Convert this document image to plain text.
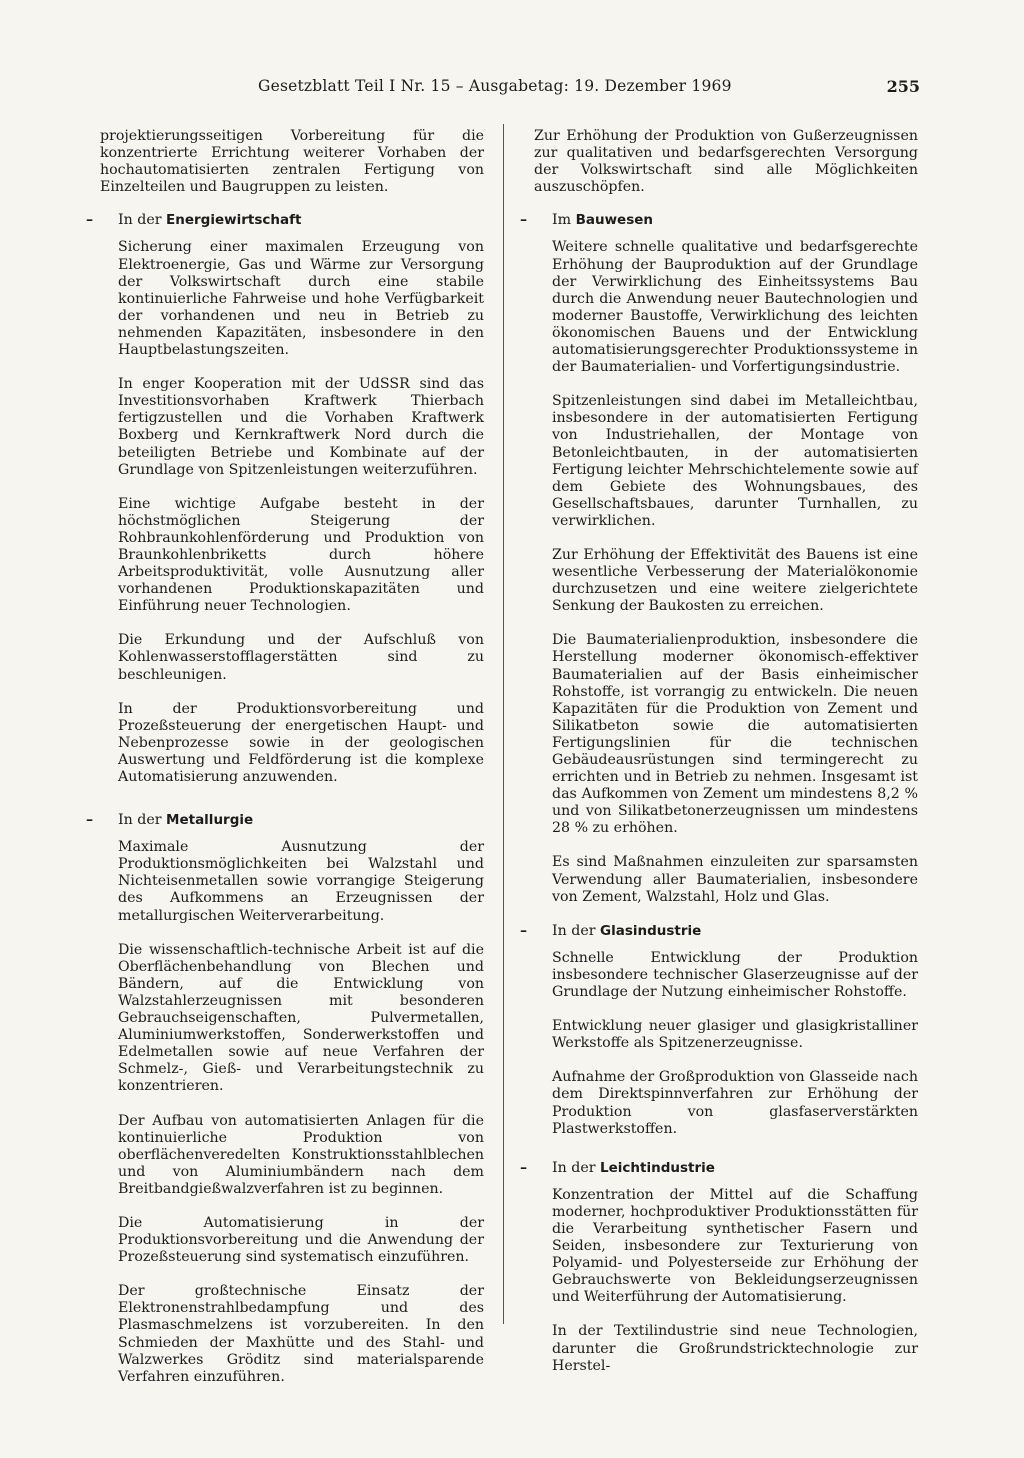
Gesetzblatt Teil I Nr. 15 – Ausgabetag: 19. Dezember 1969	255

projektierungsseitigen Vorbereitung für die konzentrierte Errichtung weiterer Vorhaben der hochautomatisierten zentralen Fertigung von Einzelteilen und Baugruppen zu leisten.

– In der Energiewirtschaft

Sicherung einer maximalen Erzeugung von Elektroenergie, Gas und Wärme zur Versorgung der Volkswirtschaft durch eine stabile kontinuierliche Fahrweise und hohe Verfügbarkeit der vorhandenen und neu in Betrieb zu nehmenden Kapazitäten, insbesondere in den Hauptbelastungszeiten.

In enger Kooperation mit der UdSSR sind das Investitionsvorhaben Kraftwerk Thierbach fertigzustellen und die Vorhaben Kraftwerk Boxberg und Kernkraftwerk Nord durch die beteiligten Betriebe und Kombinate auf der Grundlage von Spitzenleistungen weiterzuführen.

Eine wichtige Aufgabe besteht in der höchstmöglichen Steigerung der Rohbraunkohlenförderung und Produktion von Braunkohlenbriketts durch höhere Arbeitsproduktivität, volle Ausnutzung aller vorhandenen Produktionskapazitäten und Einführung neuer Technologien.

Die Erkundung und der Aufschluß von Kohlenwasserstofflagerstätten sind zu beschleunigen.

In der Produktionsvorbereitung und Prozeßsteuerung der energetischen Haupt- und Nebenprozesse sowie in der geologischen Auswertung und Feldförderung ist die komplexe Automatisierung anzuwenden.

– In der Metallurgie

Maximale Ausnutzung der Produktionsmöglichkeiten bei Walzstahl und Nichteisenmetallen sowie vorrangige Steigerung des Aufkommens an Erzeugnissen der metallurgischen Weiterverarbeitung.

Die wissenschaftlich-technische Arbeit ist auf die Oberflächenbehandlung von Blechen und Bändern, auf die Entwicklung von Walzstahlerzeugnissen mit besonderen Gebrauchseigenschaften, Pulvermetallen, Aluminiumwerkstoffen, Sonderwerkstoffen und Edelmetallen sowie auf neue Verfahren der Schmelz-, Gieß- und Verarbeitungstechnik zu konzentrieren.

Der Aufbau von automatisierten Anlagen für die kontinuierliche Produktion von oberflächenveredelten Konstruktionsstahlblechen und von Aluminiumbändern nach dem Breitbandgießwalzverfahren ist zu beginnen.

Die Automatisierung in der Produktionsvorbereitung und die Anwendung der Prozeßsteuerung sind systematisch einzuführen.

Der großtechnische Einsatz der Elektronenstrahlbedampfung und des Plasmaschmelzens ist vorzubereiten. In den Schmieden der Maxhütte und des Stahl- und Walzwerkes Gröditz sind materialsparende Verfahren einzuführen.

Zur Erhöhung der Produktion von Gußerzeugnissen zur qualitativen und bedarfsgerechten Versorgung der Volkswirtschaft sind alle Möglichkeiten auszuschöpfen.

– Im Bauwesen

Weitere schnelle qualitative und bedarfsgerechte Erhöhung der Bauproduktion auf der Grundlage der Verwirklichung des Einheitssystems Bau durch die Anwendung neuer Bautechnologien und moderner Baustoffe, Verwirklichung des leichten ökonomischen Bauens und der Entwicklung automatisierungsgerechter Produktionssysteme in der Baumaterialien- und Vorfertigungsindustrie.

Spitzenleistungen sind dabei im Metalleichtbau, insbesondere in der automatisierten Fertigung von Industriehallen, der Montage von Betonleichtbauten, in der automatisierten Fertigung leichter Mehrschichtelemente sowie auf dem Gebiete des Wohnungsbaues, des Gesellschaftsbaues, darunter Turnhallen, zu verwirklichen.

Zur Erhöhung der Effektivität des Bauens ist eine wesentliche Verbesserung der Materialökonomie durchzusetzen und eine weitere zielgerichtete Senkung der Baukosten zu erreichen.

Die Baumaterialienproduktion, insbesondere die Herstellung moderner ökonomisch-effektiver Baumaterialien auf der Basis einheimischer Rohstoffe, ist vorrangig zu entwickeln. Die neuen Kapazitäten für die Produktion von Zement und Silikatbeton sowie die automatisierten Fertigungslinien für die technischen Gebäudeausrüstungen sind termingerecht zu errichten und in Betrieb zu nehmen. Insgesamt ist das Aufkommen von Zement um mindestens 8,2 % und von Silikatbetonerzeugnissen um mindestens 28 % zu erhöhen.

Es sind Maßnahmen einzuleiten zur sparsamsten Verwendung aller Baumaterialien, insbesondere von Zement, Walzstahl, Holz und Glas.

– In der Glasindustrie

Schnelle Entwicklung der Produktion insbesondere technischer Glaserzeugnisse auf der Grundlage der Nutzung einheimischer Rohstoffe.

Entwicklung neuer glasiger und glasigkristalliner Werkstoffe als Spitzenerzeugnisse.

Aufnahme der Großproduktion von Glasseide nach dem Direktspinnverfahren zur Erhöhung der Produktion von glasfaserverstärkten Plastwerkstoffen.

– In der Leichtindustrie

Konzentration der Mittel auf die Schaffung moderner, hochproduktiver Produktionsstätten für die Verarbeitung synthetischer Fasern und Seiden, insbesondere zur Texturierung von Polyamid- und Polyesterseide zur Erhöhung der Gebrauchswerte von Bekleidungserzeugnissen und Weiterführung der Automatisierung.

In der Textilindustrie sind neue Technologien, darunter die Großrundstricktechnologie zur Herstel-
